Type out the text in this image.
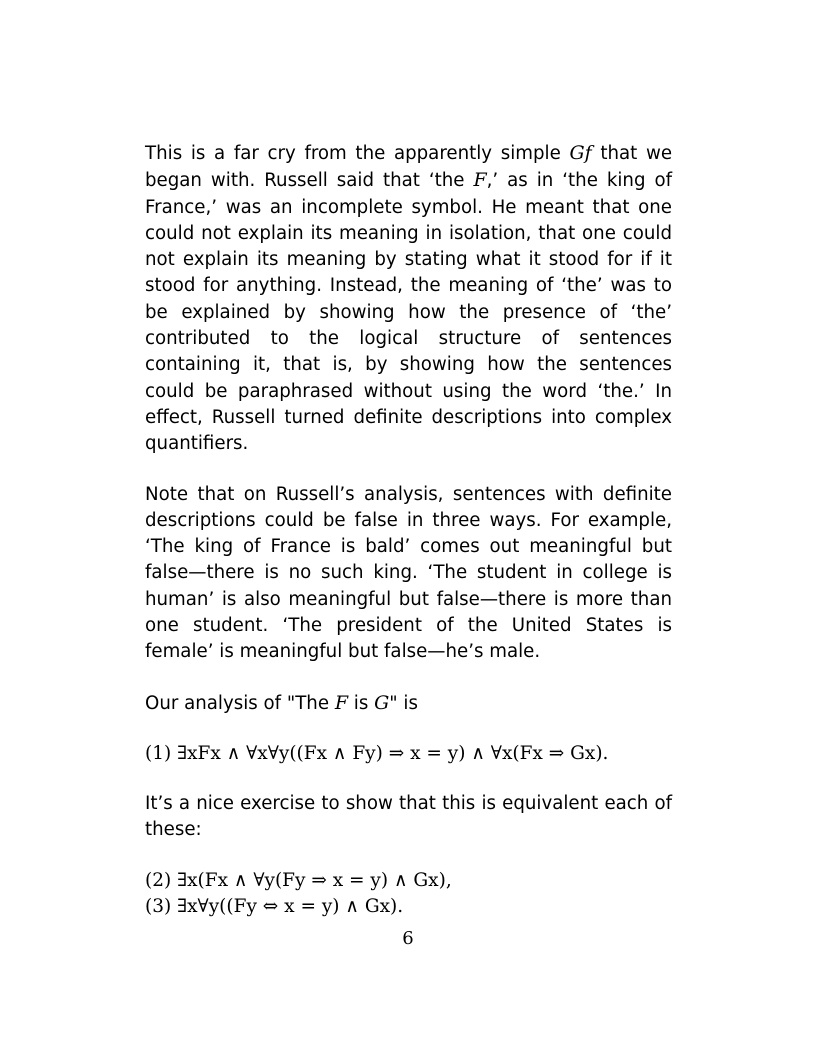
This is a far cry from the apparently simple Gf that we began with. Russell said that ‘the F,’ as in ‘the king of France,’ was an incomplete symbol. He meant that one could not explain its meaning in isolation, that one could not explain its meaning by stating what it stood for if it stood for anything. Instead, the meaning of ‘the’ was to be explained by showing how the presence of ‘the’ contributed to the logical structure of sentences containing it, that is, by showing how the sentences could be paraphrased without using the word ‘the.’ In effect, Russell turned definite descriptions into complex quantifiers.

Note that on Russell’s analysis, sentences with definite descriptions could be false in three ways. For example, ‘The king of France is bald’ comes out meaningful but false—there is no such king. ‘The student in college is human’ is also meaningful but false—there is more than one student. ‘The president of the United States is female’ is meaningful but false—he’s male.

Our analysis of "The F is G" is

(1) ∃xFx ∧ ∀x∀y((Fx ∧ Fy) ⇒ x = y) ∧ ∀x(Fx ⇒ Gx).

It’s a nice exercise to show that this is equivalent each of these:

(2) ∃x(Fx ∧ ∀y(Fy ⇒ x = y) ∧ Gx),
(3) ∃x∀y((Fy ⇔ x = y) ∧ Gx).
6
